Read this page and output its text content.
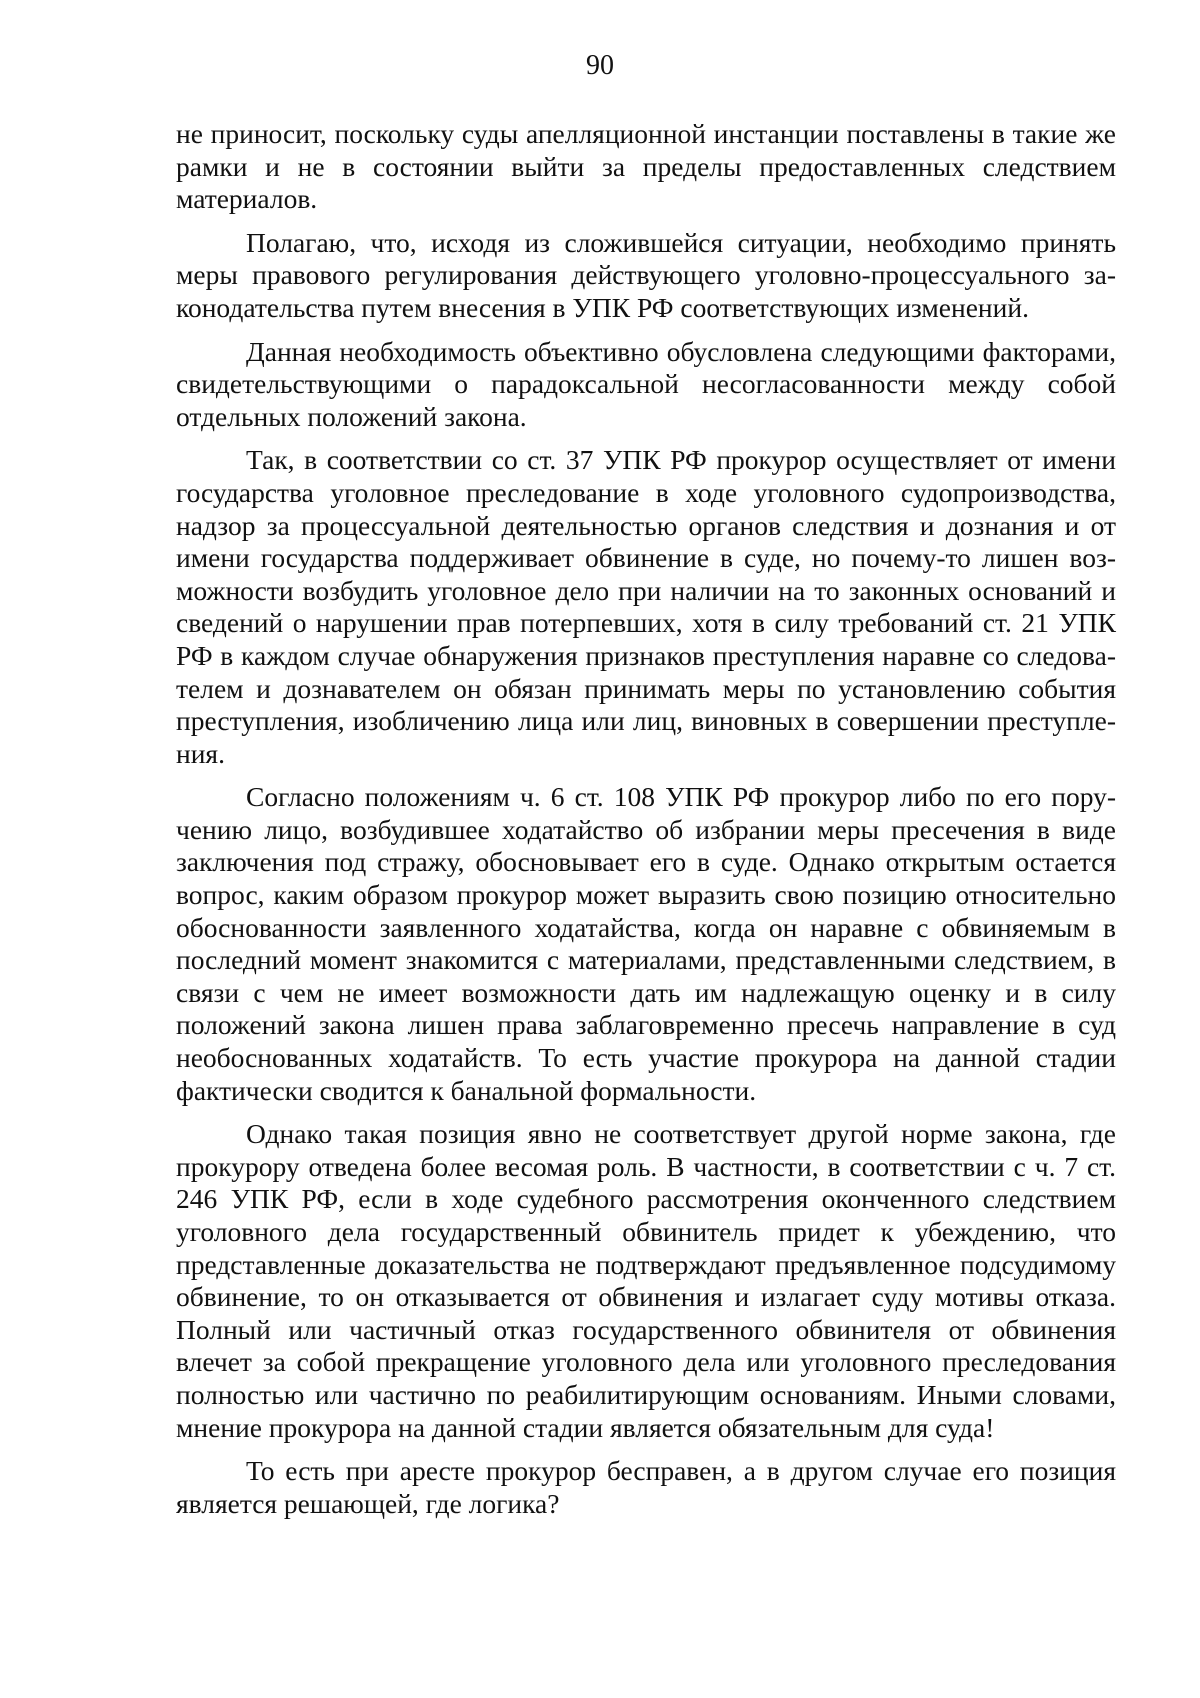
90

не приносит, поскольку суды апелляционной инстанции поставлены в такие же рамки и не в состоянии выйти за пределы предоставленных следствием материалов.

Полагаю, что, исходя из сложившейся ситуации, необходимо принять меры правового регулирования действующего уголовно-процессуального законодательства путем внесения в УПК РФ соответствующих изменений.

Данная необходимость объективно обусловлена следующими факторами, свидетельствующими о парадоксальной несогласованности между собой отдельных положений закона.

Так, в соответствии со ст. 37 УПК РФ прокурор осуществляет от имени государства уголовное преследование в ходе уголовного судопроизводства, надзор за процессуальной деятельностью органов следствия и дознания и от имени государства поддерживает обвинение в суде, но почему-то лишен возможности возбудить уголовное дело при наличии на то законных оснований и сведений о нарушении прав потерпевших, хотя в силу требований ст. 21 УПК РФ в каждом случае обнаружения признаков преступления наравне со следователем и дознавателем он обязан принимать меры по установлению события преступления, изобличению лица или лиц, виновных в совершении преступления.

Согласно положениям ч. 6 ст. 108 УПК РФ прокурор либо по его поручению лицо, возбудившее ходатайство об избрании меры пресечения в виде заключения под стражу, обосновывает его в суде. Однако открытым остается вопрос, каким образом прокурор может выразить свою позицию относительно обоснованности заявленного ходатайства, когда он наравне с обвиняемым в последний момент знакомится с материалами, представленными следствием, в связи с чем не имеет возможности дать им надлежащую оценку и в силу положений закона лишен права заблаговременно пресечь направление в суд необоснованных ходатайств. То есть участие прокурора на данной стадии фактически сводится к банальной формальности.

Однако такая позиция явно не соответствует другой норме закона, где прокурору отведена более весомая роль. В частности, в соответствии с ч. 7 ст. 246 УПК РФ, если в ходе судебного рассмотрения оконченного следствием уголовного дела государственный обвинитель придет к убеждению, что представленные доказательства не подтверждают предъявленное подсудимому обвинение, то он отказывается от обвинения и излагает суду мотивы отказа. Полный или частичный отказ государственного обвинителя от обвинения влечет за собой прекращение уголовного дела или уголовного преследования полностью или частично по реабилитирующим основаниям. Иными словами, мнение прокурора на данной стадии является обязательным для суда!

То есть при аресте прокурор бесправен, а в другом случае его позиция является решающей, где логика?
